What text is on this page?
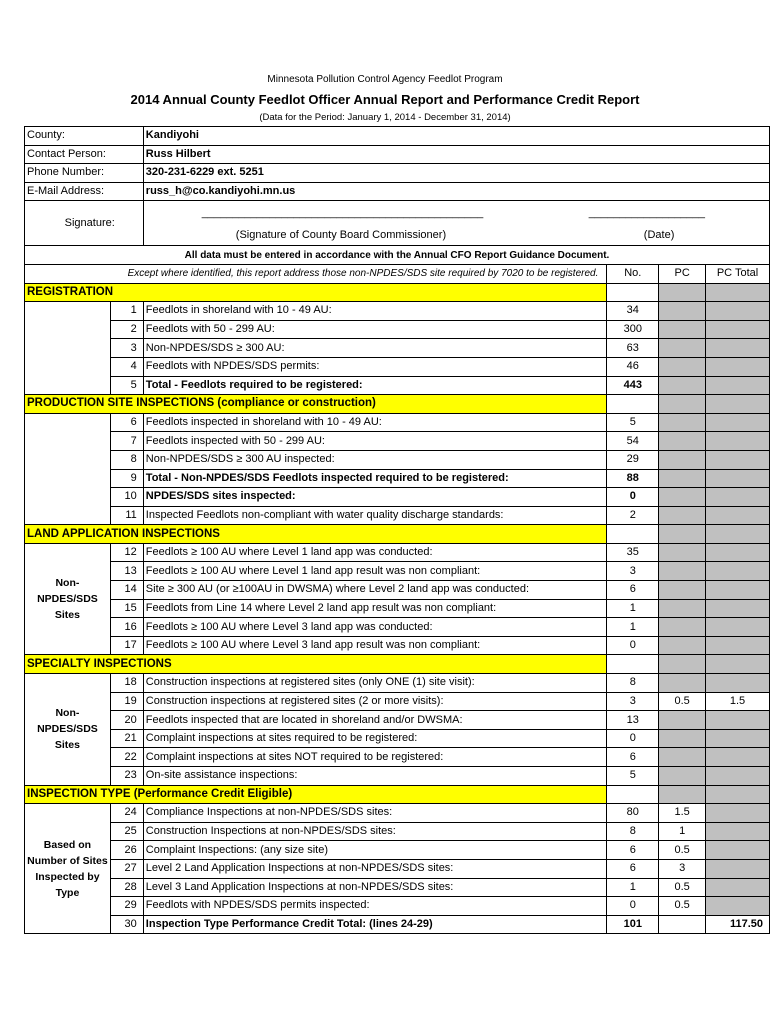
Minnesota Pollution Control Agency Feedlot Program
2014 Annual County Feedlot Officer Annual Report and Performance Credit Report
(Data for the Period: January 1, 2014 - December 31, 2014)
County:		Kandiyohi			
Contact Person:		Russ Hilbert			
Phone Number:		320-231-6229 ext. 5251			
E-Mail Address:		russ_h@co.kandiyohi.mn.us			
Signature:		______________________________________________ ___________________
(Signature of County Board Commissioner) (Date)			

All data must be entered in accordance with the Annual CFO Report Guidance Document.					
Except where identified, this report address those non-NPDES/SDS site required by 7020 to be registered.			No.	PC	PC Total
REGISTRATION					
	1	Feedlots in shoreland with 10 - 49 AU:	34		
	2	Feedlots with 50 - 299 AU:	300		
	3	Non-NPDES/SDS ≥ 300 AU:	63		
	4	Feedlots with NPDES/SDS permits:	46		
	5	Total - Feedlots required to be registered:	443		
PRODUCTION SITE INSPECTIONS (compliance or construction)					
	6	Feedlots inspected in shoreland with 10 - 49 AU:	5		
	7	Feedlots inspected with 50 - 299 AU:	54		
	8	Non-NPDES/SDS ≥ 300 AU inspected:	29		
	9	Total - Non-NPDES/SDS Feedlots inspected required to be registered:	88		
	10	NPDES/SDS sites inspected:	0		
	11	Inspected Feedlots non-compliant with water quality discharge standards:	2		
LAND APPLICATION INSPECTIONS					
Non-NPDES/SDS Sites	12	Feedlots ≥ 100 AU where Level 1 land app was conducted:	35		
	13	Feedlots ≥ 100 AU where Level 1 land app result was non compliant:	3		
	14	Site ≥ 300 AU (or ≥100AU in DWSMA) where Level 2 land app was conducted:	6		
	15	Feedlots from Line 14 where Level 2 land app result was non compliant:	1		
	16	Feedlots ≥ 100 AU where Level 3 land app was conducted:	1		
	17	Feedlots ≥ 100 AU where Level 3 land app result was non compliant:	0		
SPECIALTY INSPECTIONS					
Non-NPDES/SDS Sites	18	Construction inspections at registered sites (only ONE (1) site visit):	8		
	19	Construction inspections at registered sites (2 or more visits):	3	0.5	1.5
	20	Feedlots inspected that are located in shoreland and/or DWSMA:	13		
	21	Complaint inspections at sites required to be registered:	0		
	22	Complaint inspections at sites NOT required to be registered:	6		
	23	On-site assistance inspections:	5		
INSPECTION TYPE (Performance Credit Eligible)					
Based on Number of Sites Inspected by Type	24	Compliance Inspections at non-NPDES/SDS sites:	80	1.5	
	25	Construction Inspections at non-NPDES/SDS sites:	8	1	
	26	Complaint Inspections: (any size site)	6	0.5	
	27	Level 2 Land Application Inspections at non-NPDES/SDS sites:	6	3	
	28	Level 3 Land Application Inspections at non-NPDES/SDS sites:	1	0.5	
	29	Feedlots with NPDES/SDS permits inspected:	0	0.5	
	30	Inspection Type Performance Credit Total: (lines 24-29)	101		117.50
